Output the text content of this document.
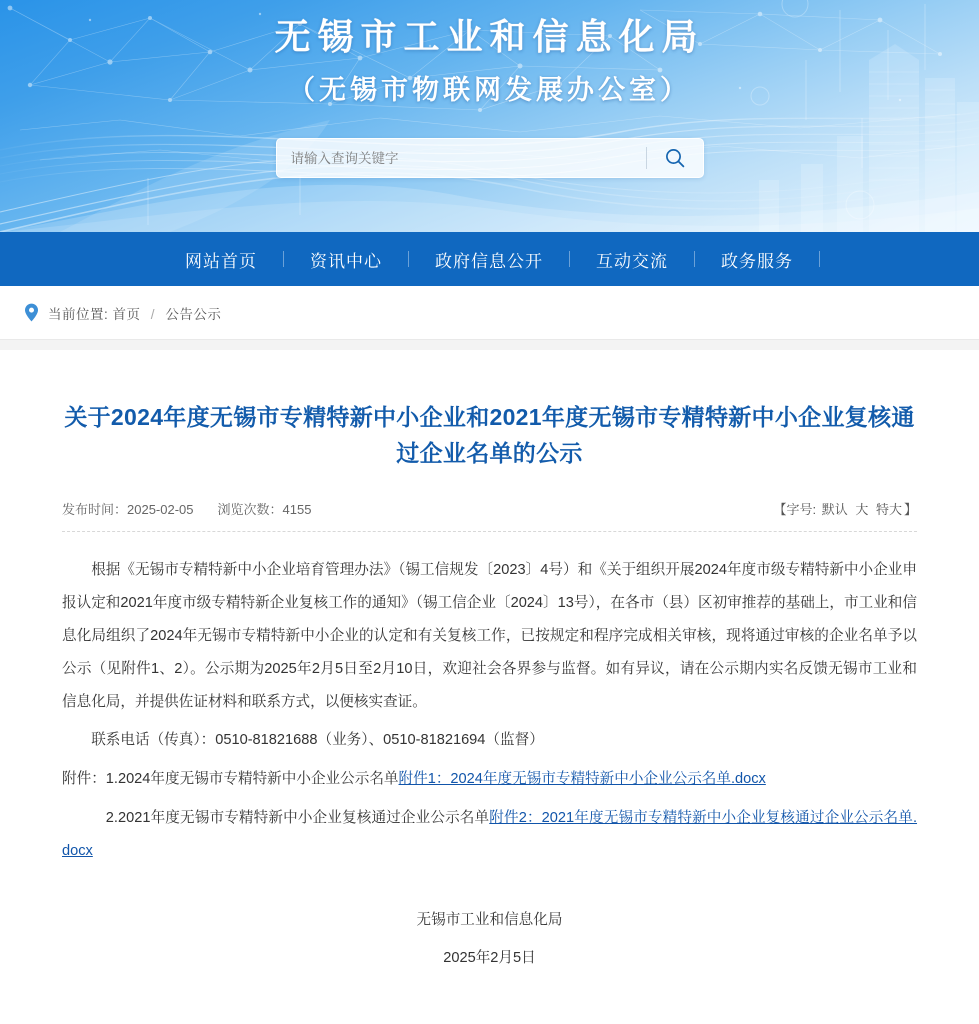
无锡市工业和信息化局
（无锡市物联网发展办公室）
请输入查询关键字
网站首页	资讯中心	政府信息公开	互动交流	政务服务
当前位置: 首页 / 公告公示
关于2024年度无锡市专精特新中小企业和2021年度无锡市专精特新中小企业复核通过企业名单的公示
发布时间：2025-02-05 浏览次数：4155	【字号: 默认 大 特大 】

根据《无锡市专精特新中小企业培育管理办法》（锡工信规发〔2023〕4号）和《关于组织开展2024年度市级专精特新中小企业申报认定和2021年度市级专精特新企业复核工作的通知》（锡工信企业〔2024〕13号），在各市（县）区初审推荐的基础上，市工业和信息化局组织了2024年无锡市专精特新中小企业的认定和有关复核工作，已按规定和程序完成相关审核，现将通过审核的企业名单予以公示（见附件1、2）。公示期为2025年2月5日至2月10日，欢迎社会各界参与监督。如有异议，请在公示期内实名反馈无锡市工业和信息化局，并提供佐证材料和联系方式，以便核实查证。

联系电话（传真）：0510-81821688（业务）、0510-81821694（监督）

附件：1.2024年度无锡市专精特新中小企业公示名单附件1：2024年度无锡市专精特新中小企业公示名单.docx

2.2021年度无锡市专精特新中小企业复核通过企业公示名单附件2：2021年度无锡市专精特新中小企业复核通过企业公示名单.docx

无锡市工业和信息化局
2025年2月5日
